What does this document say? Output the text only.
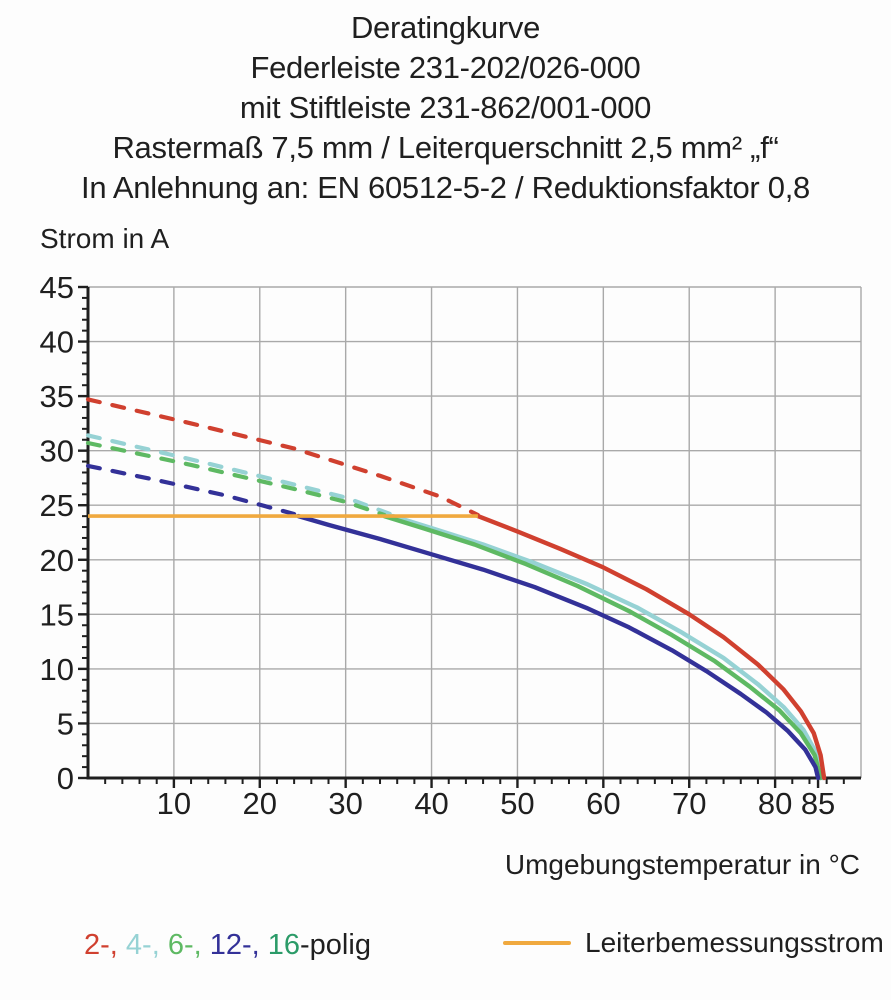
Deratingkurve
Federleiste 231-202/026-000
mit Stiftleiste 231-862/001-000
Rastermaß 7,5 mm / Leiterquerschnitt 2,5 mm² „f“
In Anlehnung an: EN 60512-5-2 / Reduktionsfaktor 0,8
Strom in A
0
5
10
15
20
25
30
35
40
45
10 20 30 40 50 60 70 80 85
Umgebungstemperatur in °C
2-, 4-, 6-, 12-, 16-polig	Leiterbemessungsstrom
